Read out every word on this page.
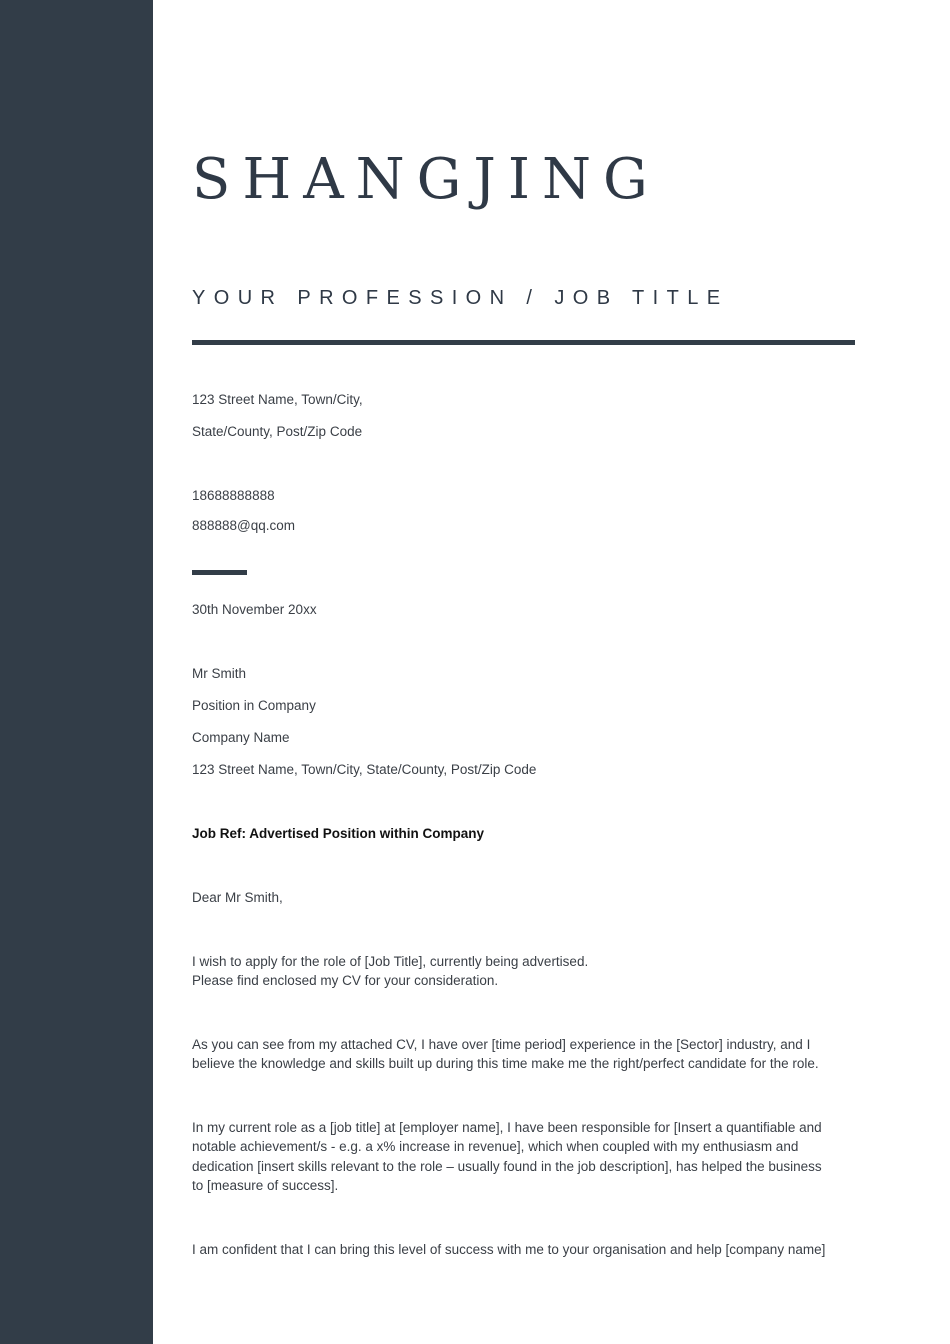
SHANGJING
YOUR PROFESSION / JOB TITLE

123 Street Name, Town/City,

State/County, Post/Zip Code

18688888888

888888@qq.com

30th November 20xx

Mr Smith

Position in Company

Company Name

123 Street Name, Town/City, State/County, Post/Zip Code

Job Ref: Advertised Position within Company

Dear Mr Smith,

I wish to apply for the role of [Job Title], currently being advertised.
Please find enclosed my CV for your consideration.

As you can see from my attached CV, I have over [time period] experience in the [Sector] industry, and I
believe the knowledge and skills built up during this time make me the right/perfect candidate for the role.

In my current role as a [job title] at [employer name], I have been responsible for [Insert a quantifiable and
notable achievement/s - e.g. a x% increase in revenue], which when coupled with my enthusiasm and
dedication [insert skills relevant to the role – usually found in the job description], has helped the business
to [measure of success].

I am confident that I can bring this level of success with me to your organisation and help [company name]
